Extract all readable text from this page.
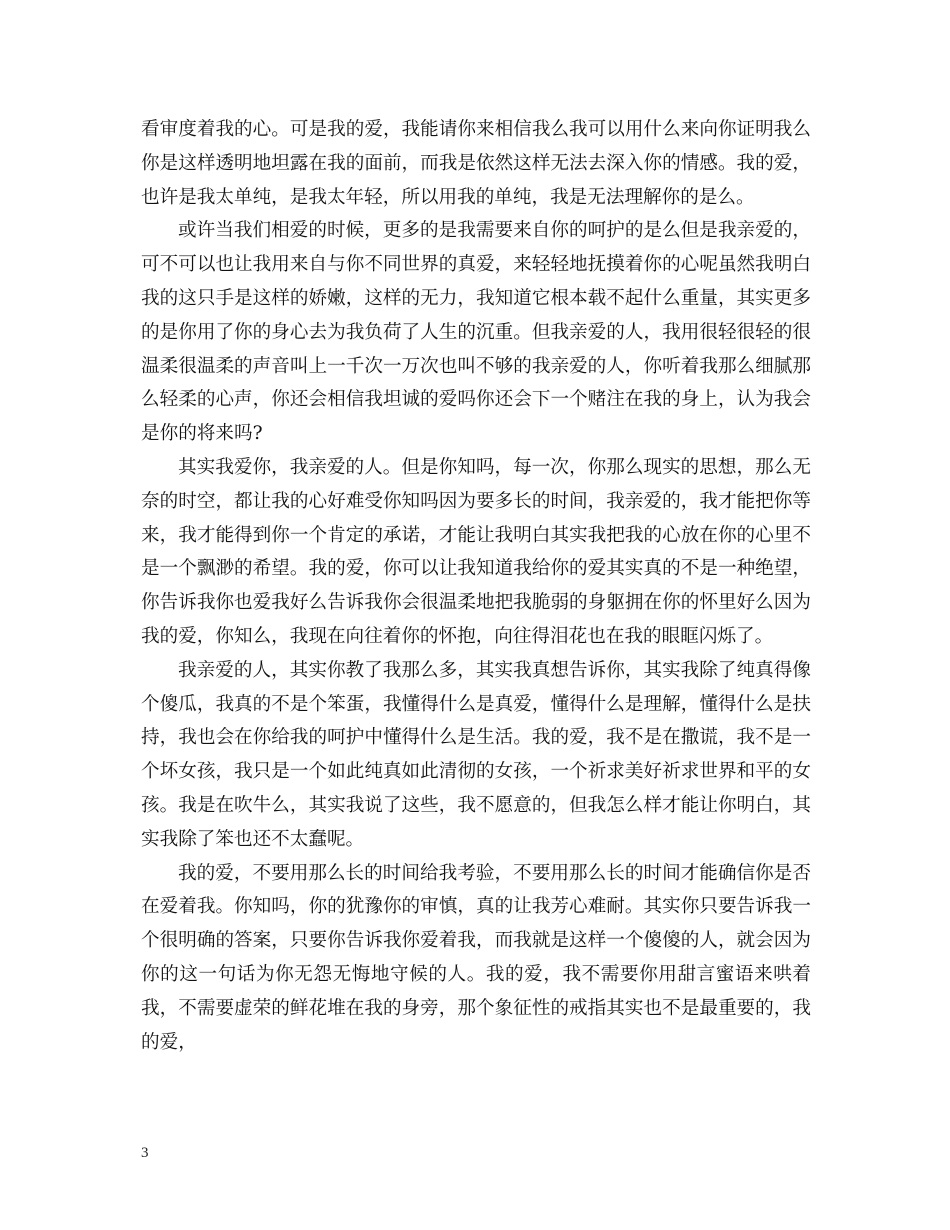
看审度着我的心。可是我的爱，我能请你来相信我么我可以用什么来向你证明我么你是这样透明地坦露在我的面前，而我是依然这样无法去深入你的情感。我的爱，也许是我太单纯，是我太年轻，所以用我的单纯，我是无法理解你的是么。

或许当我们相爱的时候，更多的是我需要来自你的呵护的是么但是我亲爱的，可不可以也让我用来自与你不同世界的真爱，来轻轻地抚摸着你的心呢虽然我明白我的这只手是这样的娇嫩，这样的无力，我知道它根本载不起什么重量，其实更多的是你用了你的身心去为我负荷了人生的沉重。但我亲爱的人，我用很轻很轻的很温柔很温柔的声音叫上一千次一万次也叫不够的我亲爱的人，你听着我那么细腻那么轻柔的心声，你还会相信我坦诚的爱吗你还会下一个赌注在我的身上，认为我会是你的将来吗?

其实我爱你，我亲爱的人。但是你知吗，每一次，你那么现实的思想，那么无奈的时空，都让我的心好难受你知吗因为要多长的时间，我亲爱的，我才能把你等来，我才能得到你一个肯定的承诺，才能让我明白其实我把我的心放在你的心里不是一个飘渺的希望。我的爱，你可以让我知道我给你的爱其实真的不是一种绝望，你告诉我你也爱我好么告诉我你会很温柔地把我脆弱的身躯拥在你的怀里好么因为我的爱，你知么，我现在向往着你的怀抱，向往得泪花也在我的眼眶闪烁了。

我亲爱的人，其实你教了我那么多，其实我真想告诉你，其实我除了纯真得像个傻瓜，我真的不是个笨蛋，我懂得什么是真爱，懂得什么是理解，懂得什么是扶持，我也会在你给我的呵护中懂得什么是生活。我的爱，我不是在撒谎，我不是一个坏女孩，我只是一个如此纯真如此清彻的女孩，一个祈求美好祈求世界和平的女孩。我是在吹牛么，其实我说了这些，我不愿意的，但我怎么样才能让你明白，其实我除了笨也还不太蠢呢。

我的爱，不要用那么长的时间给我考验，不要用那么长的时间才能确信你是否在爱着我。你知吗，你的犹豫你的审慎，真的让我芳心难耐。其实你只要告诉我一个很明确的答案，只要你告诉我你爱着我，而我就是这样一个傻傻的人，就会因为你的这一句话为你无怨无悔地守候的人。我的爱，我不需要你用甜言蜜语来哄着我，不需要虚荣的鲜花堆在我的身旁，那个象征性的戒指其实也不是最重要的，我的爱，

3
